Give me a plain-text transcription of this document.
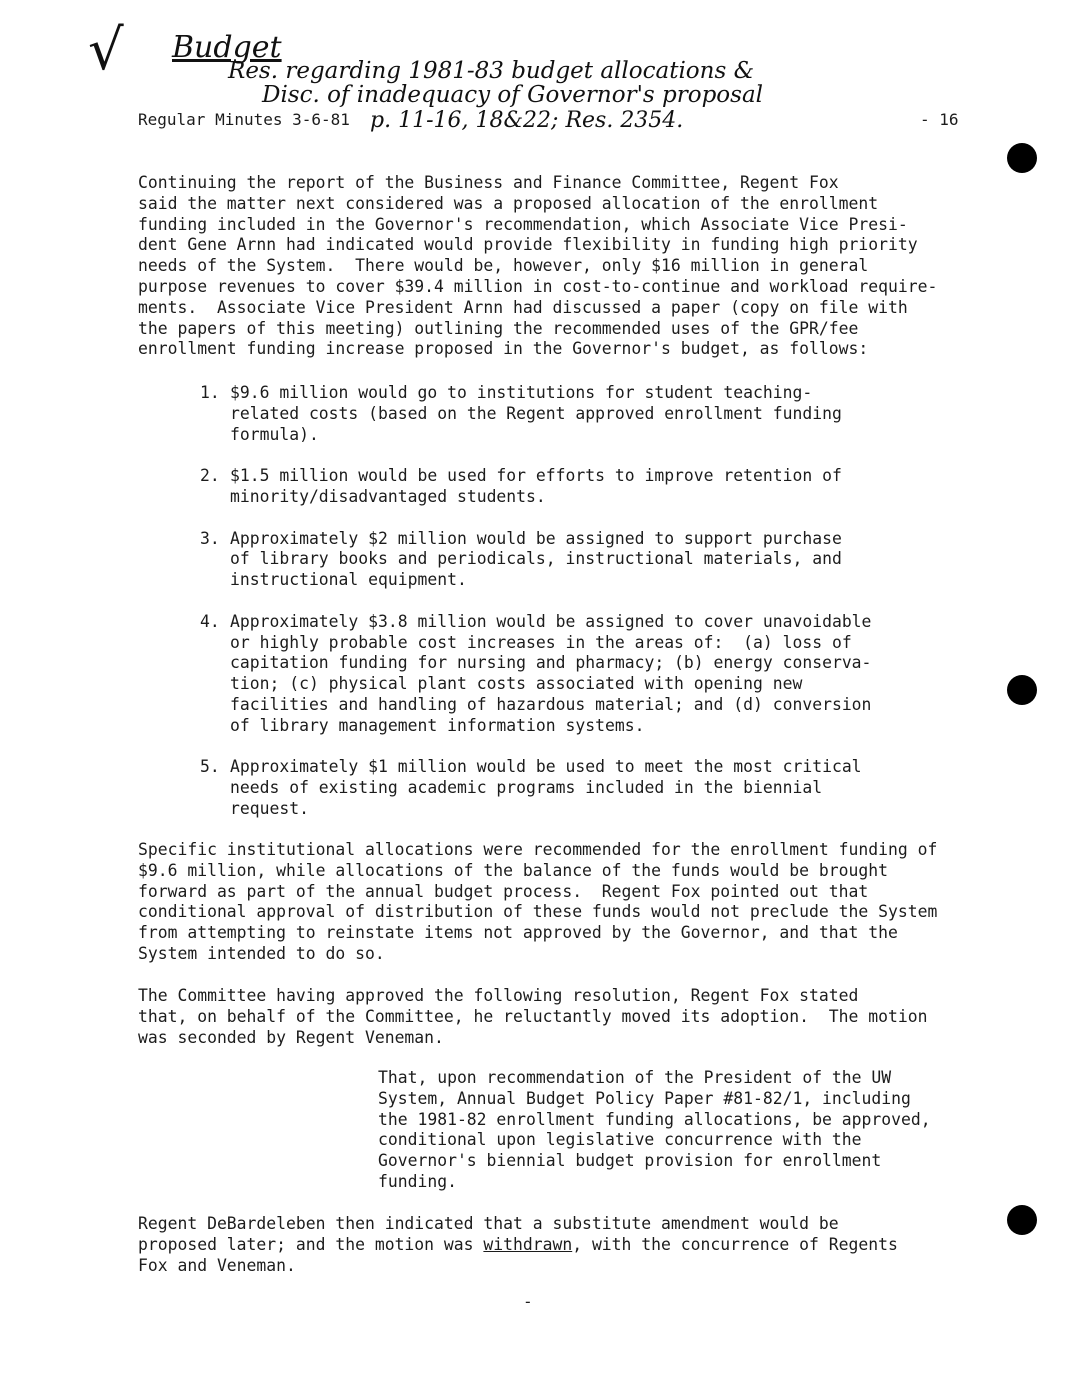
√ Budget
Res. regarding 1981-83 budget allocations &
Disc. of inadequacy of Governor's proposal
p. 11-16, 18&22; Res. 2354.
Regular Minutes 3-6-81	- 16
Continuing the report of the Business and Finance Committee, Regent Fox
said the matter next considered was a proposed allocation of the enrollment
funding included in the Governor's recommendation, which Associate Vice Presi-
dent Gene Arnn had indicated would provide flexibility in funding high priority
needs of the System.  There would be, however, only $16 million in general
purpose revenues to cover $39.4 million in cost-to-continue and workload require-
ments.  Associate Vice President Arnn had discussed a paper (copy on file with
the papers of this meeting) outlining the recommended uses of the GPR/fee
enrollment funding increase proposed in the Governor's budget, as follows:
1. $9.6 million would go to institutions for student teaching-
related costs (based on the Regent approved enrollment funding
formula).
2. $1.5 million would be used for efforts to improve retention of
minority/disadvantaged students.
3. Approximately $2 million would be assigned to support purchase
of library books and periodicals, instructional materials, and
instructional equipment.
4. Approximately $3.8 million would be assigned to cover unavoidable
or highly probable cost increases in the areas of:  (a) loss of
capitation funding for nursing and pharmacy; (b) energy conserva-
tion; (c) physical plant costs associated with opening new
facilities and handling of hazardous material; and (d) conversion
of library management information systems.
5. Approximately $1 million would be used to meet the most critical
needs of existing academic programs included in the biennial
request.
Specific institutional allocations were recommended for the enrollment funding of
$9.6 million, while allocations of the balance of the funds would be brought
forward as part of the annual budget process.  Regent Fox pointed out that
conditional approval of distribution of these funds would not preclude the System
from attempting to reinstate items not approved by the Governor, and that the
System intended to do so.
The Committee having approved the following resolution, Regent Fox stated
that, on behalf of the Committee, he reluctantly moved its adoption.  The motion
was seconded by Regent Veneman.
That, upon recommendation of the President of the UW
System, Annual Budget Policy Paper #81-82/1, including
the 1981-82 enrollment funding allocations, be approved,
conditional upon legislative concurrence with the
Governor's biennial budget provision for enrollment
funding.
Regent DeBardeleben then indicated that a substitute amendment would be
proposed later; and the motion was withdrawn, with the concurrence of Regents
Fox and Veneman.
-
